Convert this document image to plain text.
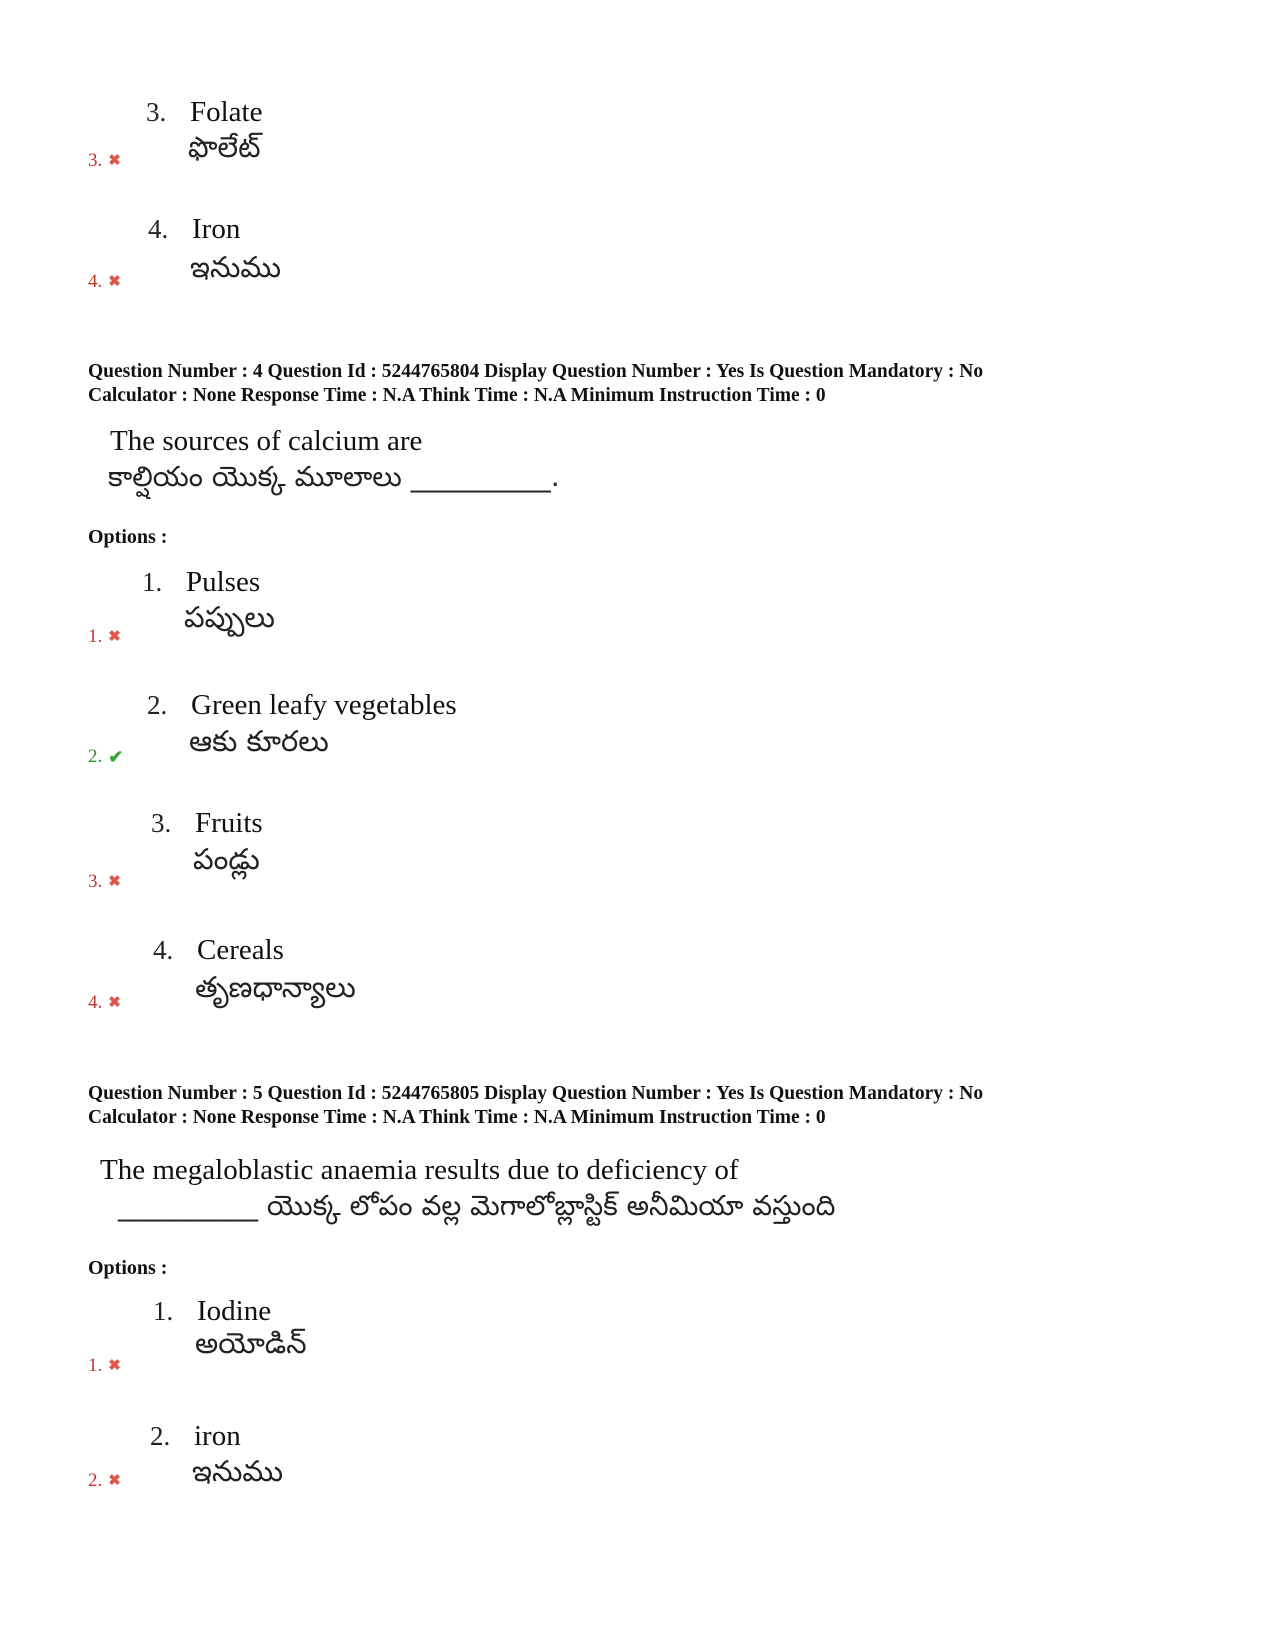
3. Folate
ఫొలేట్
3. ✖
4. Iron
ఇనుము
4. ✖
Question Number : 4 Question Id : 5244765804 Display Question Number : Yes Is Question Mandatory : No
Calculator : None Response Time : N.A Think Time : N.A Minimum Instruction Time : 0
The sources of calcium are
కాల్షియం యొక్క మూలాలు __________.
Options :
1. Pulses
పప్పులు
1. ✖
2. Green leafy vegetables
ఆకు కూరలు
2. ✔
3. Fruits
పండ్లు
3. ✖
4. Cereals
తృణధాన్యాలు
4. ✖
Question Number : 5 Question Id : 5244765805 Display Question Number : Yes Is Question Mandatory : No
Calculator : None Response Time : N.A Think Time : N.A Minimum Instruction Time : 0
The megaloblastic anaemia results due to deficiency of
__________ యొక్క లోపం వల్ల మెగాలోబ్లాస్టిక్ అనీమియా వస్తుంది
Options :
1. Iodine
అయోడిన్
1. ✖
2. iron
ఇనుము
2. ✖
